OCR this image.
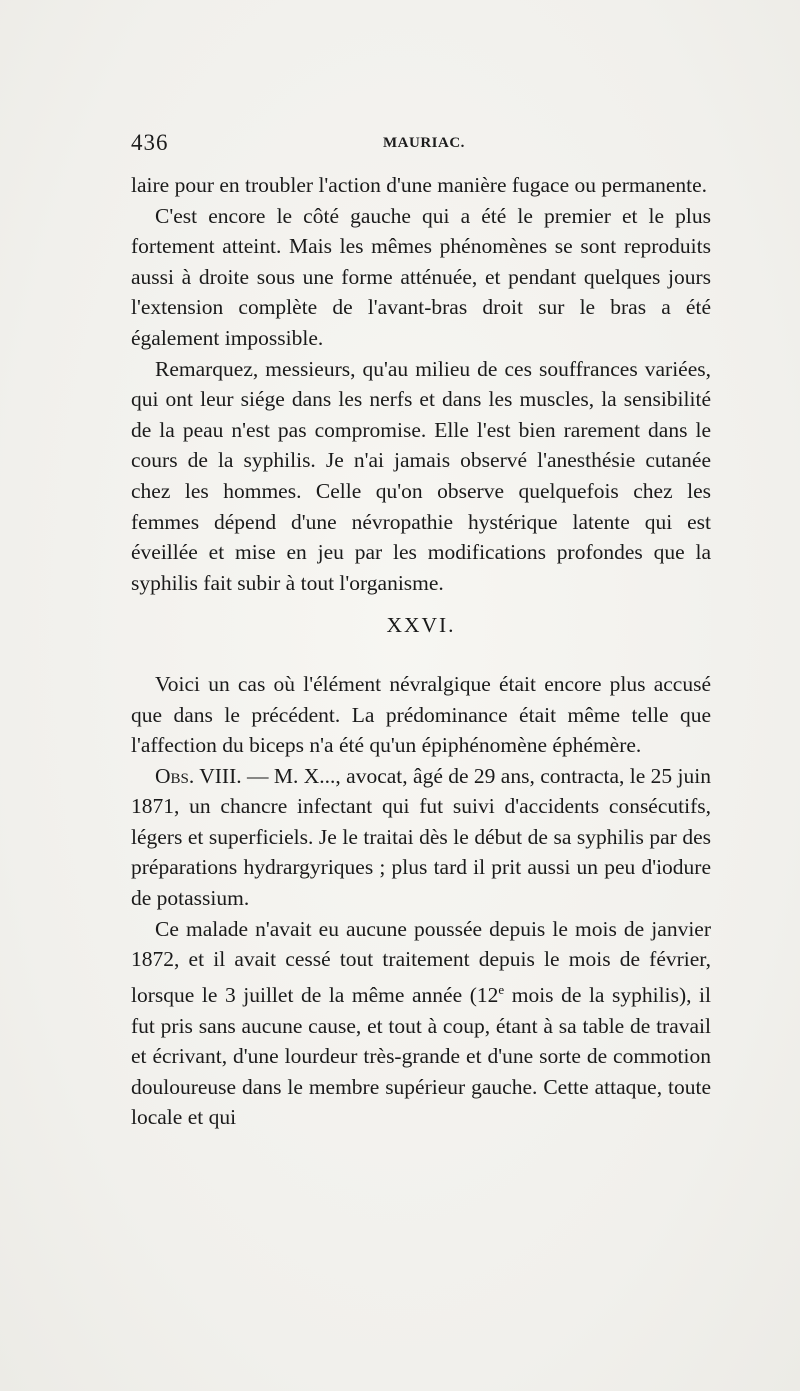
436	MAURIAC.

laire pour en troubler l'action d'une manière fugace ou permanente.

C'est encore le côté gauche qui a été le premier et le plus fortement atteint. Mais les mêmes phénomènes se sont reproduits aussi à droite sous une forme atténuée, et pendant quelques jours l'extension complète de l'avant-bras droit sur le bras a été également impossible.

Remarquez, messieurs, qu'au milieu de ces souffrances variées, qui ont leur siége dans les nerfs et dans les muscles, la sensibilité de la peau n'est pas compromise. Elle l'est bien rarement dans le cours de la syphilis. Je n'ai jamais observé l'anesthésie cutanée chez les hommes. Celle qu'on observe quelquefois chez les femmes dépend d'une névropathie hystérique latente qui est éveillée et mise en jeu par les modifications profondes que la syphilis fait subir à tout l'organisme.

XXVI.

Voici un cas où l'élément névralgique était encore plus accusé que dans le précédent. La prédominance était même telle que l'affection du biceps n'a été qu'un épiphénomène éphémère.

Obs. VIII. — M. X..., avocat, âgé de 29 ans, contracta, le 25 juin 1871, un chancre infectant qui fut suivi d'accidents consécutifs, légers et superficiels. Je le traitai dès le début de sa syphilis par des préparations hydrargyriques ; plus tard il prit aussi un peu d'iodure de potassium.

Ce malade n'avait eu aucune poussée depuis le mois de janvier 1872, et il avait cessé tout traitement depuis le mois de février, lorsque le 3 juillet de la même année (12e mois de la syphilis), il fut pris sans aucune cause, et tout à coup, étant à sa table de travail et écrivant, d'une lourdeur très-grande et d'une sorte de commotion douloureuse dans le membre supérieur gauche. Cette attaque, toute locale et qui
